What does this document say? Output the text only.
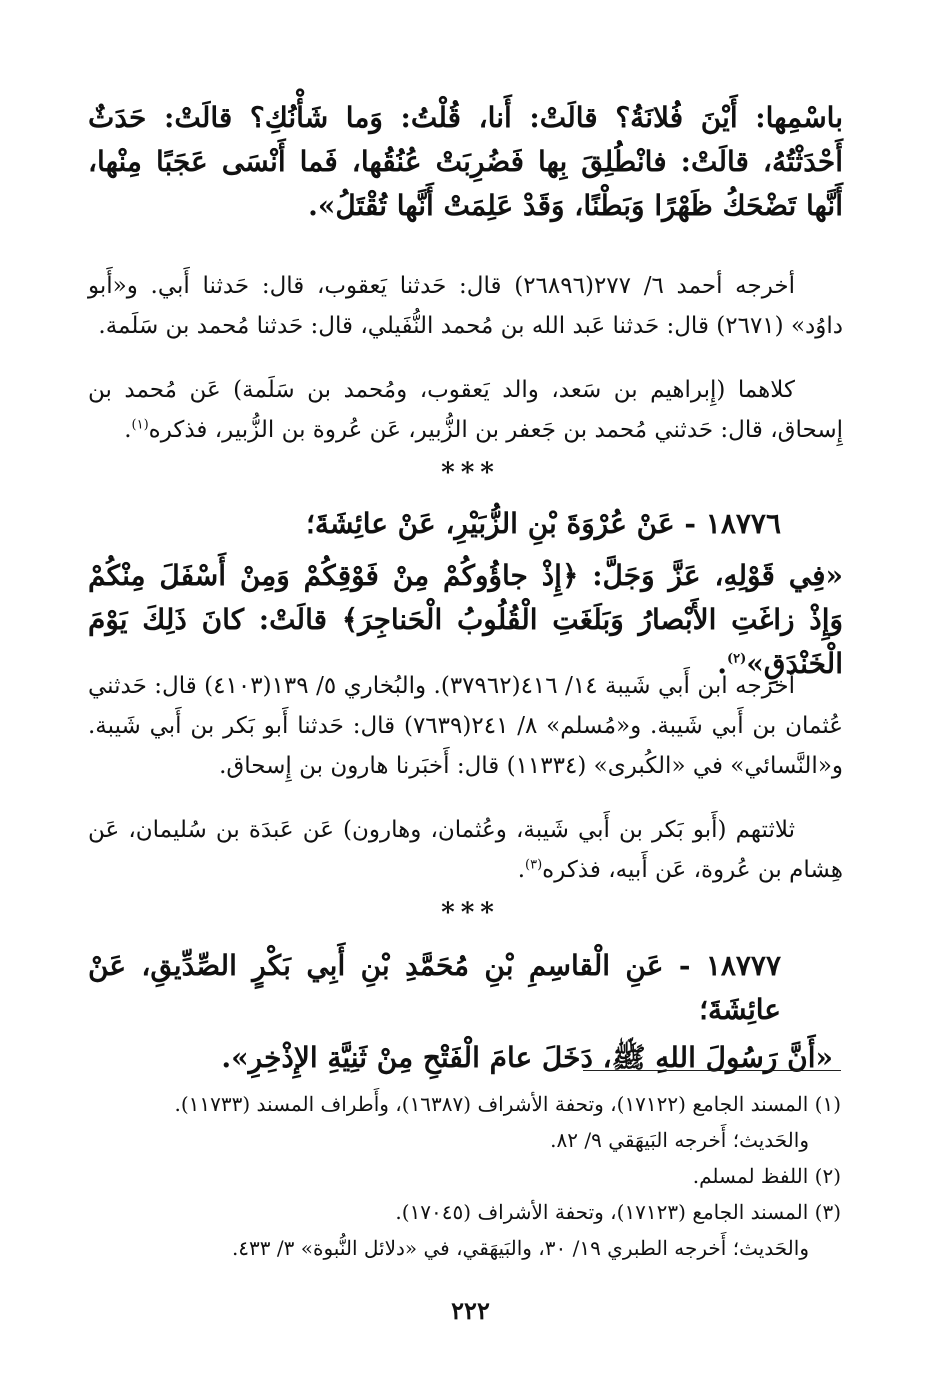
باسْمِها: أَيْنَ فُلانَةُ؟ قالَتْ: أَنا، قُلْتُ: وَما شَأْنُكِ؟ قالَتْ: حَدَثٌ أَحْدَثْتُهُ، قالَتْ: فانْطُلِقَ بِها فَضُرِبَتْ عُنُقُها، فَما أَنْسَى عَجَبًا مِنْها، أَنَّها تَضْحَكُ ظَهْرًا وَبَطْنًا، وَقَدْ عَلِمَتْ أَنَّها تُقْتَلُ».
أخرجه أحمد ٦/ ٢٧٧(٢٦٨٩٦) قال: حَدثنا يَعقوب، قال: حَدثنا أَبي. و«أَبو داوُد» (٢٦٧١) قال: حَدثنا عَبد الله بن مُحمد النُّفَيلي، قال: حَدثنا مُحمد بن سَلَمة.
كلاهما (إِبراهيم بن سَعد، والد يَعقوب، ومُحمد بن سَلَمة) عَن مُحمد بن إِسحاق، قال: حَدثني مُحمد بن جَعفر بن الزُّبير، عَن عُروة بن الزُّبير، فذكره$^{(١)}$.
***
١٨٧٧٦ - عَنْ عُرْوَةَ بْنِ الزُّبَيْرِ، عَنْ عائِشَةَ؛
«فِي قَوْلِهِ، عَزَّ وَجَلَّ: ﴿إِذْ جاؤُوكُمْ مِنْ فَوْقِكُمْ وَمِنْ أَسْفَلَ مِنْكُمْ وَإِذْ زاغَتِ الأَبْصارُ وَبَلَغَتِ الْقُلُوبُ الْحَناجِرَ﴾ قالَتْ: كانَ ذَلِكَ يَوْمَ الْخَنْدَقِ»$^{(٢)}$.
أخرجه ابن أَبي شَيبة ١٤/ ٤١٦(٣٧٩٦٢). والبُخاري ٥/ ١٣٩(٤١٠٣) قال: حَدثني عُثمان بن أَبي شَيبة. و«مُسلم» ٨/ ٢٤١(٧٦٣٩) قال: حَدثنا أَبو بَكر بن أَبي شَيبة. و«النَّسائي» في «الكُبرى» (١١٣٣٤) قال: أَخبَرنا هارون بن إِسحاق.
ثلاثتهم (أَبو بَكر بن أَبي شَيبة، وعُثمان، وهارون) عَن عَبدَة بن سُليمان، عَن هِشام بن عُروة، عَن أَبيه، فذكره$^{(٣)}$.
***
١٨٧٧٧ - عَنِ الْقاسِمِ بْنِ مُحَمَّدِ بْنِ أَبِي بَكْرٍ الصِّدِّيقِ، عَنْ عائِشَةَ؛
«أَنَّ رَسُولَ اللهِ ﷺ، دَخَلَ عامَ الْفَتْحِ مِنْ ثَنِيَّةِ الإِذْخِرِ».
(١) المسند الجامع (١٧١٢٢)، وتحفة الأشراف (١٦٣٨٧)، وأَطراف المسند (١١٧٣٣).
والحَديث؛ أَخرجه البَيهَقي ٩/ ٨٢.
(٢) اللفظ لمسلم.
(٣) المسند الجامع (١٧١٢٣)، وتحفة الأشراف (١٧٠٤٥).
والحَديث؛ أَخرجه الطبري ١٩/ ٣٠، والبَيهَقي، في «دلائل النُّبوة» ٣/ ٤٣٣.
٢٢٢
